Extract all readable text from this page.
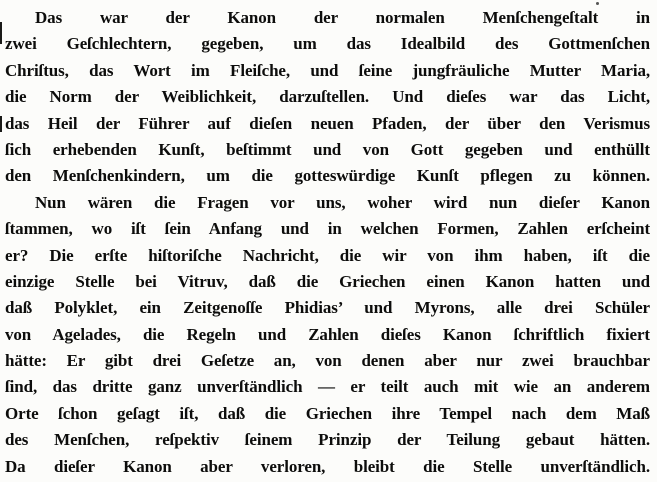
Das war der Kanon der normalen Menſchengeſtalt in
zwei Geſchlechtern, gegeben, um das Idealbild des Gottmenſchen
Chriſtus, das Wort im Fleiſche, und ſeine jungfräuliche Mutter Maria,
die Norm der Weiblichkeit, darzuſtellen. Und dieſes war das Licht,
das Heil der Führer auf dieſen neuen Pfaden, der über den Verismus
ſich erhebenden Kunſt, beſtimmt und von Gott gegeben und enthüllt
den Menſchenkindern, um die gotteswürdige Kunſt pflegen zu können.
Nun wären die Fragen vor uns, woher wird nun dieſer Kanon
ſtammen, wo iſt ſein Anfang und in welchen Formen, Zahlen erſcheint
er? Die erſte hiſtoriſche Nachricht, die wir von ihm haben, iſt die
einzige Stelle bei Vitruv, daß die Griechen einen Kanon hatten und
daß Polyklet, ein Zeitgenoſſe Phidias’ und Myrons, alle drei Schüler
von Agelades, die Regeln und Zahlen dieſes Kanon ſchriftlich fixiert
hätte: Er gibt drei Geſetze an, von denen aber nur zwei brauchbar
ſind, das dritte ganz unverſtändlich — er teilt auch mit wie an anderem
Orte ſchon geſagt iſt, daß die Griechen ihre Tempel nach dem Maß
des Menſchen, reſpektiv ſeinem Prinzip der Teilung gebaut hätten.
Da dieſer Kanon aber verloren, bleibt die Stelle unverſtändlich.
